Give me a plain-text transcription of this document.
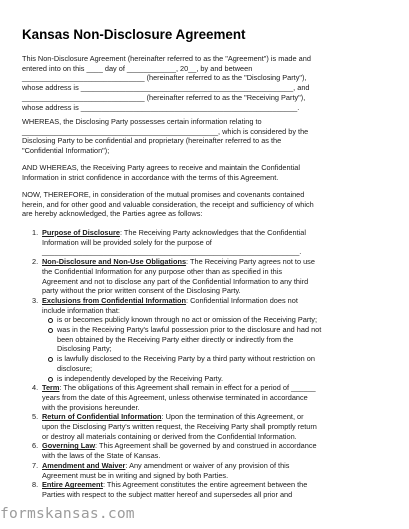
Kansas Non-Disclosure Agreement
This Non-Disclosure Agreement (hereinafter referred to as the "Agreement") is made and
entered into on this ____ day of ____________, 20__, by and between
______________________________ (hereinafter referred to as the "Disclosing Party"),
whose address is ____________________________________________________, and
______________________________ (hereinafter referred to as the "Receiving Party"),
whose address is _____________________________________________________.
WHEREAS, the Disclosing Party possesses certain information relating to
________________________________________________, which is considered by the
Disclosing Party to be confidential and proprietary (hereinafter referred to as the
"Confidential Information");
AND WHEREAS, the Receiving Party agrees to receive and maintain the Confidential
Information in strict confidence in accordance with the terms of this Agreement.
NOW, THEREFORE, in consideration of the mutual promises and covenants contained
herein, and for other good and valuable consideration, the receipt and sufficiency of which
are hereby acknowledged, the Parties agree as follows:
1. Purpose of Disclosure: The Receiving Party acknowledges that the Confidential
Information will be provided solely for the purpose of
_______________________________________________________________.
2. Non-Disclosure and Non-Use Obligations: The Receiving Party agrees not to use
the Confidential Information for any purpose other than as specified in this
Agreement and not to disclose any part of the Confidential Information to any third
party without the prior written consent of the Disclosing Party.
3. Exclusions from Confidential Information: Confidential Information does not
include information that:
is or becomes publicly known through no act or omission of the Receiving Party;
was in the Receiving Party's lawful possession prior to the disclosure and had not
been obtained by the Receiving Party either directly or indirectly from the
Disclosing Party;
is lawfully disclosed to the Receiving Party by a third party without restriction on
disclosure;
is independently developed by the Receiving Party.
4. Term: The obligations of this Agreement shall remain in effect for a period of ______
years from the date of this Agreement, unless otherwise terminated in accordance
with the provisions hereunder.
5. Return of Confidential Information: Upon the termination of this Agreement, or
upon the Disclosing Party's written request, the Receiving Party shall promptly return
or destroy all materials containing or derived from the Confidential Information.
6. Governing Law: This Agreement shall be governed by and construed in accordance
with the laws of the State of Kansas.
7. Amendment and Waiver: Any amendment or waiver of any provision of this
Agreement must be in writing and signed by both Parties.
8. Entire Agreement: This Agreement constitutes the entire agreement between the
Parties with respect to the subject matter hereof and supersedes all prior and
formskansas.com
